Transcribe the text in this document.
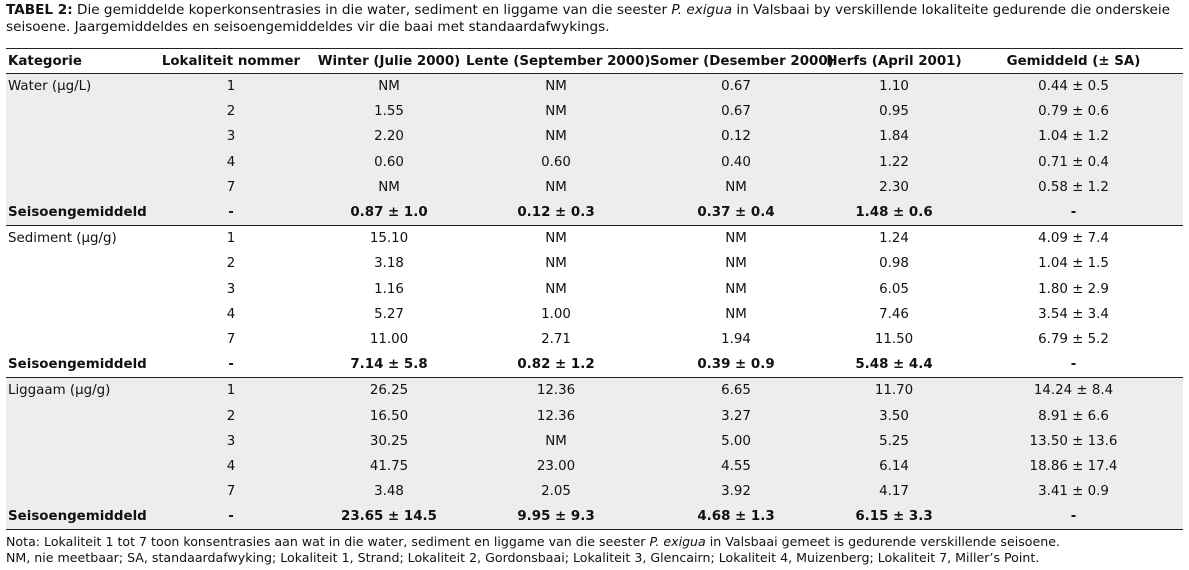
TABEL 2: Die gemiddelde koperkonsentrasies in die water, sediment en liggame van die seester P. exigua in Valsbaai by verskillende lokaliteite gedurende die onderskeie seisoene. Jaargemiddeldes en seisoengemiddeldes vir die baai met standaardafwykings.
Kategorie	Lokaliteit nommer	Winter (Julie 2000)	Lente (September 2000)	Somer (Desember 2000)	Herfs (April 2001)	Gemiddeld (± SA)
Water (µg/L)	1	NM	NM	0.67	1.10	0.44 ± 0.5
	2	1.55	NM	0.67	0.95	0.79 ± 0.6
	3	2.20	NM	0.12	1.84	1.04 ± 1.2
	4	0.60	0.60	0.40	1.22	0.71 ± 0.4
	7	NM	NM	NM	2.30	0.58 ± 1.2
Seisoengemiddeld	-	0.87 ± 1.0	0.12 ± 0.3	0.37 ± 0.4	1.48 ± 0.6	-
Sediment (µg/g)	1	15.10	NM	NM	1.24	4.09 ± 7.4
	2	3.18	NM	NM	0.98	1.04 ± 1.5
	3	1.16	NM	NM	6.05	1.80 ± 2.9
	4	5.27	1.00	NM	7.46	3.54 ± 3.4
	7	11.00	2.71	1.94	11.50	6.79 ± 5.2
Seisoengemiddeld	-	7.14 ± 5.8	0.82 ± 1.2	0.39 ± 0.9	5.48 ± 4.4	-
Liggaam (µg/g)	1	26.25	12.36	6.65	11.70	14.24 ± 8.4
	2	16.50	12.36	3.27	3.50	8.91 ± 6.6
	3	30.25	NM	5.00	5.25	13.50 ± 13.6
	4	41.75	23.00	4.55	6.14	18.86 ± 17.4
	7	3.48	2.05	3.92	4.17	3.41 ± 0.9
Seisoengemiddeld	-	23.65 ± 14.5	9.95 ± 9.3	4.68 ± 1.3	6.15 ± 3.3	-
Nota: Lokaliteit 1 tot 7 toon konsentrasies aan wat in die water, sediment en liggame van die seester P. exigua in Valsbaai gemeet is gedurende verskillende seisoene.
NM, nie meetbaar; SA, standaardafwyking; Lokaliteit 1, Strand; Lokaliteit 2, Gordonsbaai; Lokaliteit 3, Glencairn; Lokaliteit 4, Muizenberg; Lokaliteit 7, Miller’s Point.
